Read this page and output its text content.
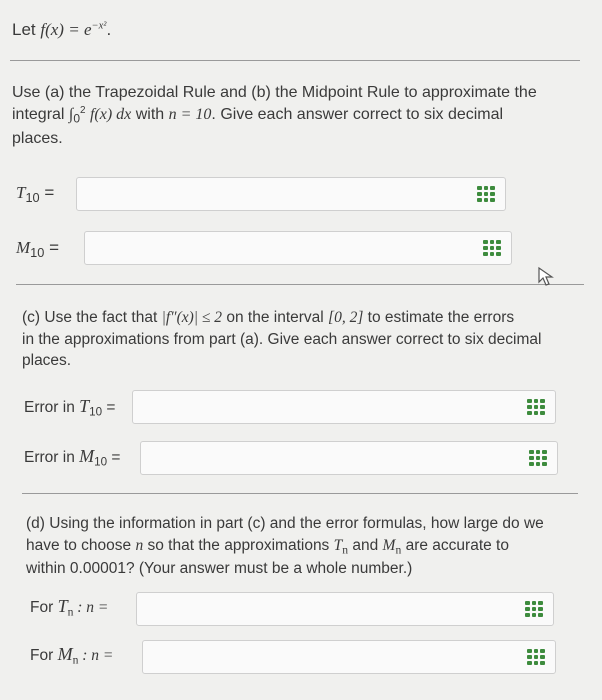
Let $f(x) = e^{-x^2}$.
Use (a) the Trapezoidal Rule and (b) the Midpoint Rule to approximate the
integral $\int_0^2$ f(x) dx with n = 10. Give each answer correct to six decimal
places.
$T_{10}$ =
$M_{10}$ =
(c) Use the fact that |f″(x)| ≤ 2 on the interval [0, 2] to estimate the errors
in the approximations from part (a). Give each answer correct to six decimal
places.
Error in $T_{10}$ =
Error in $M_{10}$ =
(d) Using the information in part (c) and the error formulas, how large do we
have to choose n so that the approximations $T_n$ and $M_n$ are accurate to
within 0.00001? (Your answer must be a whole number.)
For $T_n$ : n =
For $M_n$ : n =
